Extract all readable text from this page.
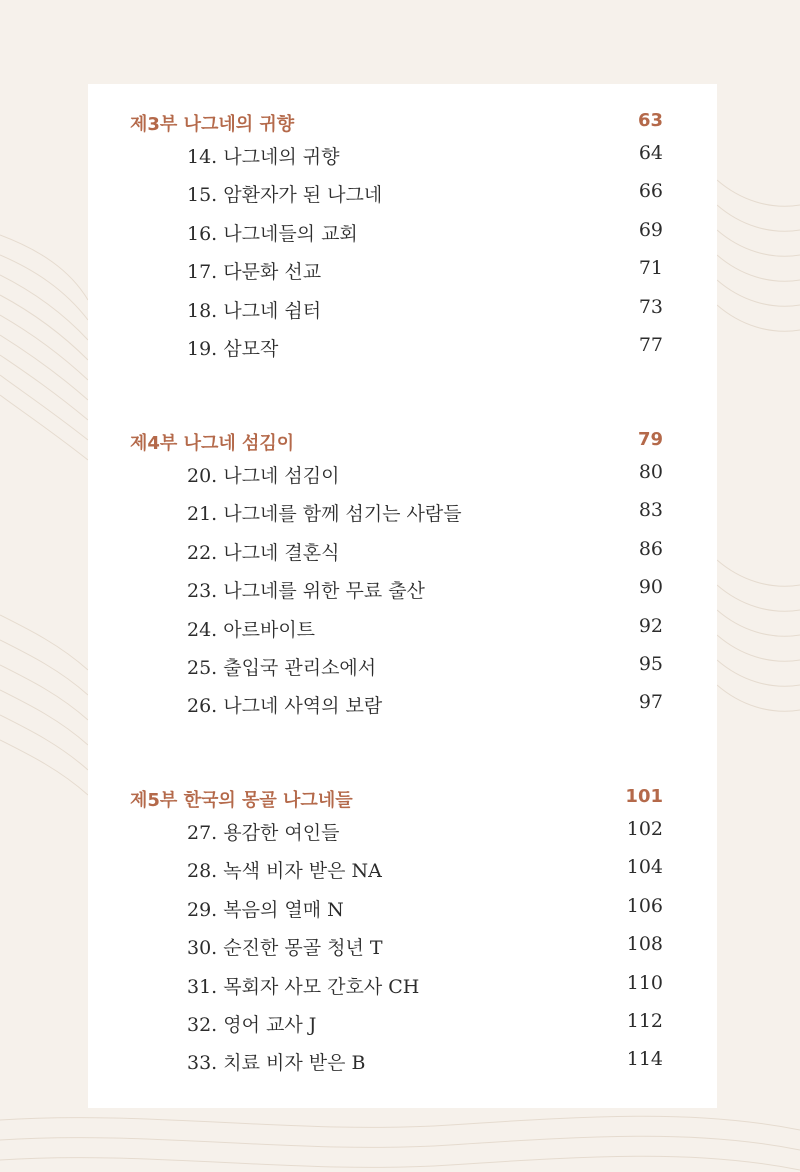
제3부 나그네의 귀향	63
14. 나그네의 귀향	64
15. 암환자가 된 나그네	66
16. 나그네들의 교회	69
17. 다문화 선교	71
18. 나그네 쉼터	73
19. 삼모작	77
제4부 나그네 섬김이	79
20. 나그네 섬김이	80
21. 나그네를 함께 섬기는 사람들	83
22. 나그네 결혼식	86
23. 나그네를 위한 무료 출산	90
24. 아르바이트	92
25. 출입국 관리소에서	95
26. 나그네 사역의 보람	97
제5부 한국의 몽골 나그네들	101
27. 용감한 여인들	102
28. 녹색 비자 받은 NA	104
29. 복음의 열매 N	106
30. 순진한 몽골 청년 T	108
31. 목회자 사모 간호사 CH	110
32. 영어 교사 J	112
33. 치료 비자 받은 B	114
